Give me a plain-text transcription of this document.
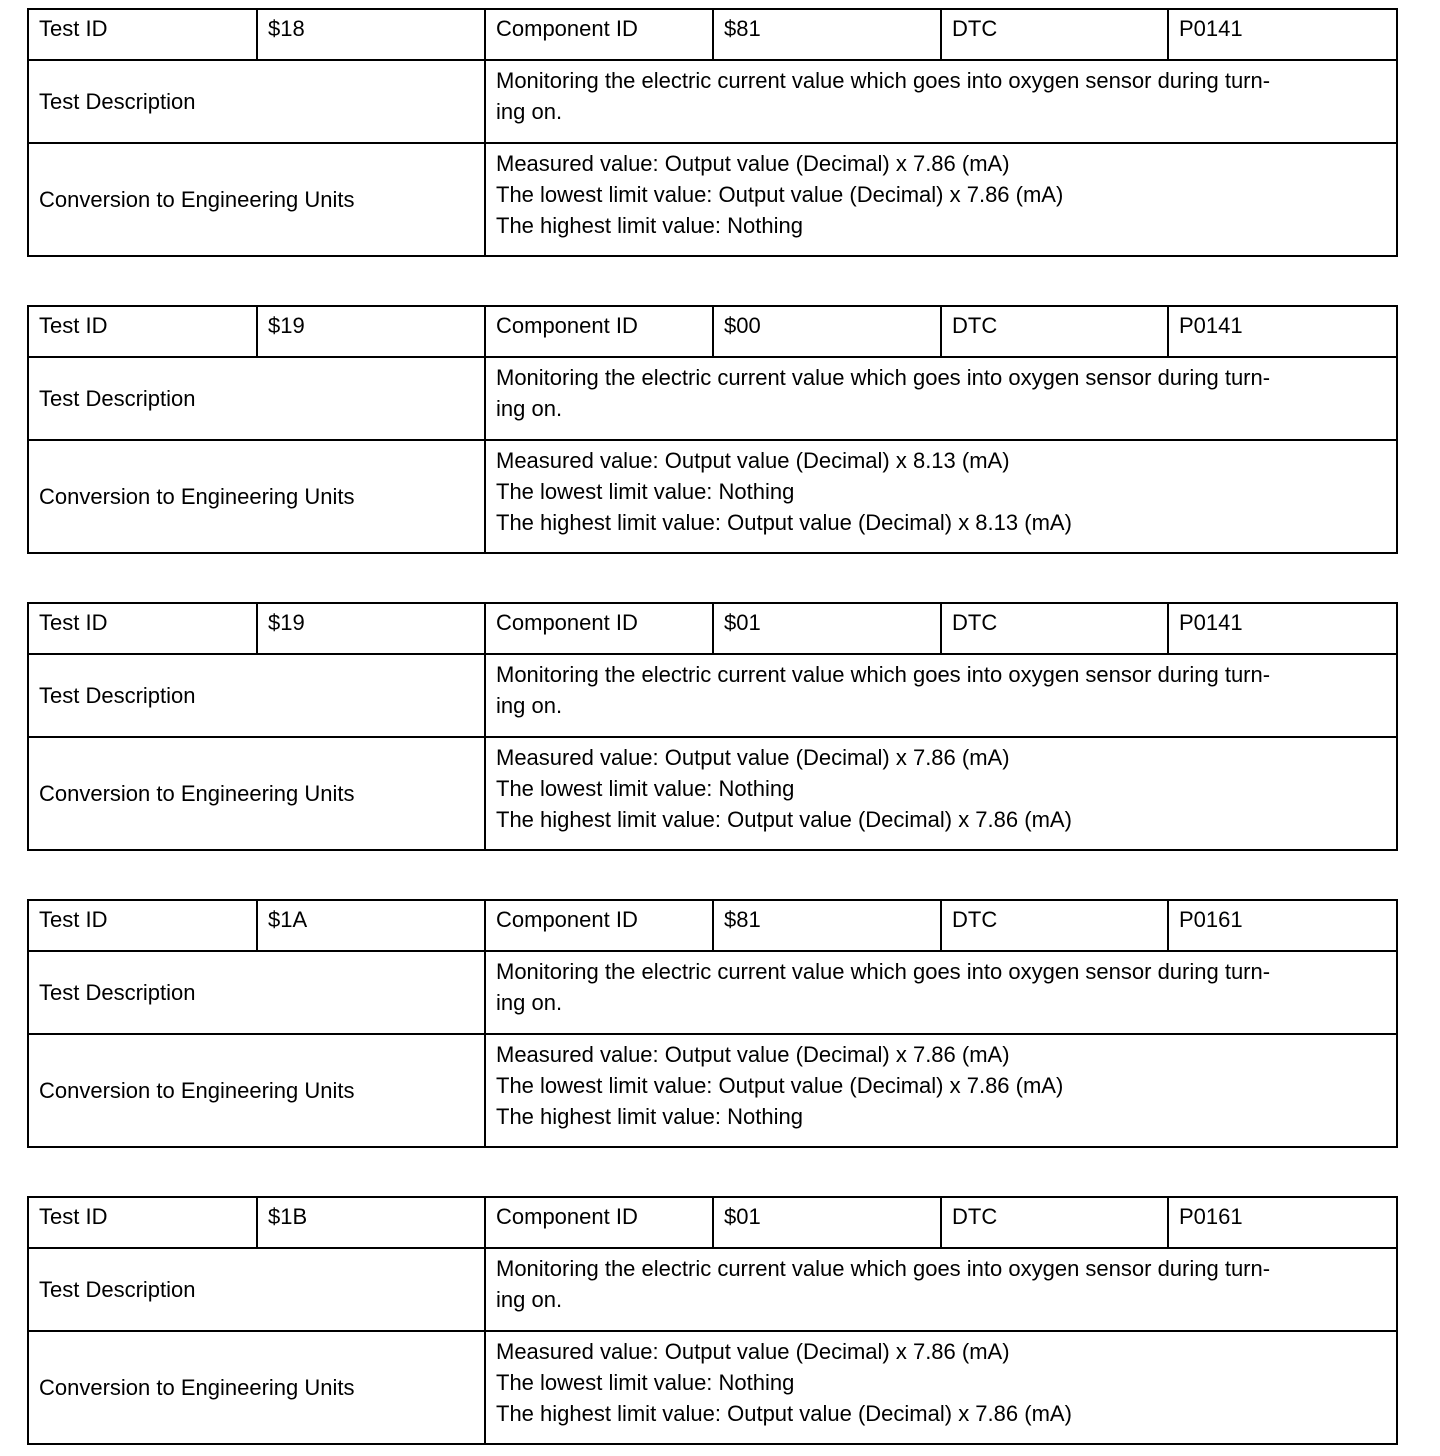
Test ID	$18	Component ID	$81	DTC	P0141
Test Description		Monitoring the electric current value which goes into oxygen sensor during turn-
ing on.			

Conversion to Engineering Units		Measured value: Output value (Decimal) x 7.86 (mA)
The lowest limit value: Output value (Decimal) x 7.86 (mA)
The highest limit value: Nothing			
Test ID	$19	Component ID	$00	DTC	P0141
Test Description		Monitoring the electric current value which goes into oxygen sensor during turn-
ing on.			

Conversion to Engineering Units		Measured value: Output value (Decimal) x 8.13 (mA)
The lowest limit value: Nothing
The highest limit value: Output value (Decimal) x 8.13 (mA)			
Test ID	$19	Component ID	$01	DTC	P0141
Test Description		Monitoring the electric current value which goes into oxygen sensor during turn-
ing on.			

Conversion to Engineering Units		Measured value: Output value (Decimal) x 7.86 (mA)
The lowest limit value: Nothing
The highest limit value: Output value (Decimal) x 7.86 (mA)			
Test ID	$1A	Component ID	$81	DTC	P0161
Test Description		Monitoring the electric current value which goes into oxygen sensor during turn-
ing on.			

Conversion to Engineering Units		Measured value: Output value (Decimal) x 7.86 (mA)
The lowest limit value: Output value (Decimal) x 7.86 (mA)
The highest limit value: Nothing			
Test ID	$1B	Component ID	$01	DTC	P0161
Test Description		Monitoring the electric current value which goes into oxygen sensor during turn-
ing on.			

Conversion to Engineering Units		Measured value: Output value (Decimal) x 7.86 (mA)
The lowest limit value: Nothing
The highest limit value: Output value (Decimal) x 7.86 (mA)			
